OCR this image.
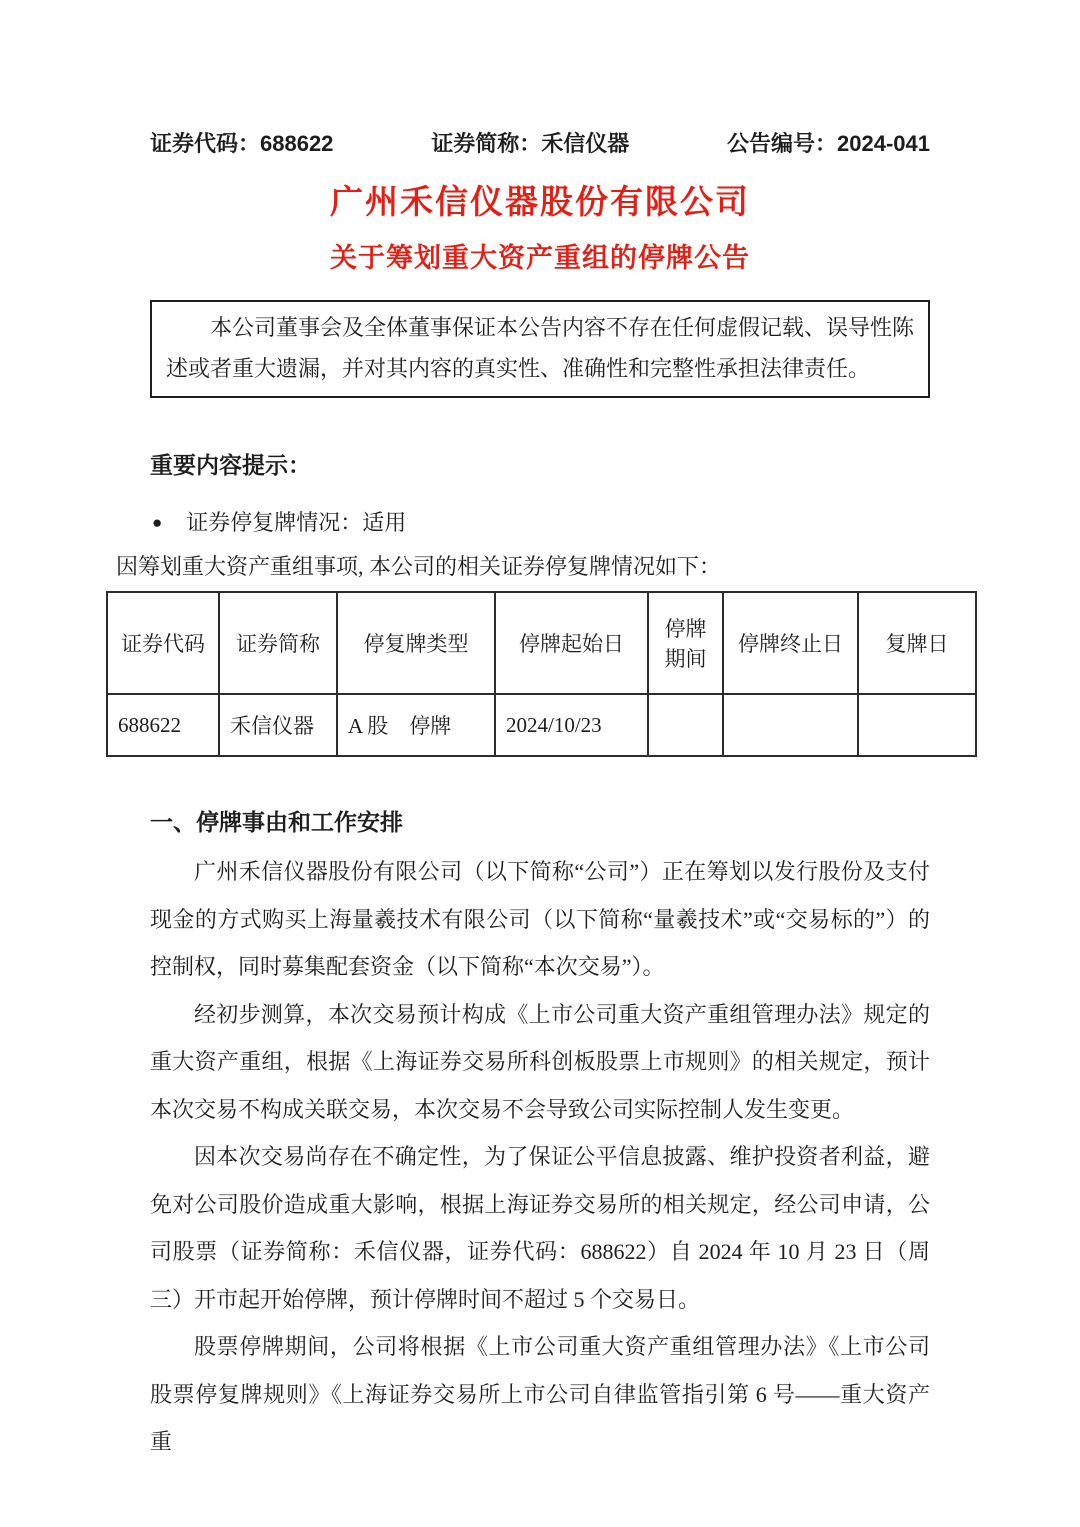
证券代码：688622	证券简称：禾信仪器	公告编号：2024-041
广州禾信仪器股份有限公司
关于筹划重大资产重组的停牌公告
本公司董事会及全体董事保证本公告内容不存在任何虚假记载、误导性陈述或者重大遗漏，并对其内容的真实性、准确性和完整性承担法律责任。
重要内容提示：
● 证券停复牌情况：适用
因筹划重大资产重组事项, 本公司的相关证券停复牌情况如下：
证券代码	证券简称	停复牌类型	停牌起始日	停牌期间	停牌终止日	复牌日
688622	禾信仪器	A 股　停牌	2024/10/23			
一、停牌事由和工作安排

广州禾信仪器股份有限公司（以下简称“公司”）正在筹划以发行股份及支付现金的方式购买上海量羲技术有限公司（以下简称“量羲技术”或“交易标的”）的控制权，同时募集配套资金（以下简称“本次交易”）。

经初步测算，本次交易预计构成《上市公司重大资产重组管理办法》规定的重大资产重组，根据《上海证券交易所科创板股票上市规则》的相关规定，预计本次交易不构成关联交易，本次交易不会导致公司实际控制人发生变更。

因本次交易尚存在不确定性，为了保证公平信息披露、维护投资者利益，避免对公司股价造成重大影响，根据上海证券交易所的相关规定，经公司申请，公司股票（证券简称：禾信仪器，证券代码：688622）自 2024 年 10 月 23 日（周三）开市起开始停牌，预计停牌时间不超过 5 个交易日。

股票停牌期间，公司将根据《上市公司重大资产重组管理办法》《上市公司股票停复牌规则》《上海证券交易所上市公司自律监管指引第 6 号——重大资产重
